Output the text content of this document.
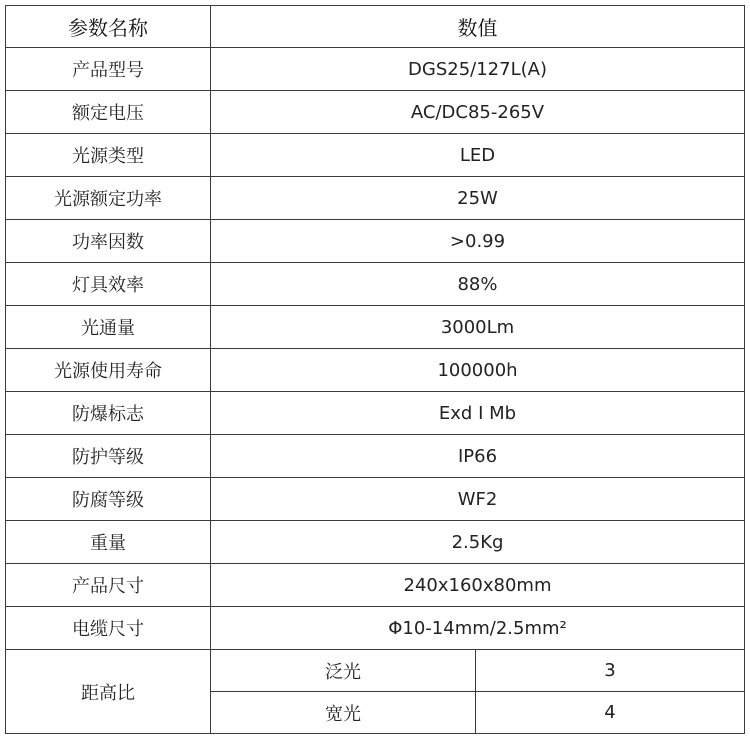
参数名称	数值	
产品型号	DGS25/127L(A)	
额定电压	AC/DC85-265V	
光源类型	LED	
光源额定功率	25W	
功率因数	>0.99	
灯具效率	88%	
光通量	3000Lm	
光源使用寿命	100000h	
防爆标志	Exd I Mb	
防护等级	IP66	
防腐等级	WF2	
重量	2.5Kg	
产品尺寸	240x160x80mm	
电缆尺寸	Φ10-14mm/2.5mm²	
距高比	泛光	3
	宽光	4
